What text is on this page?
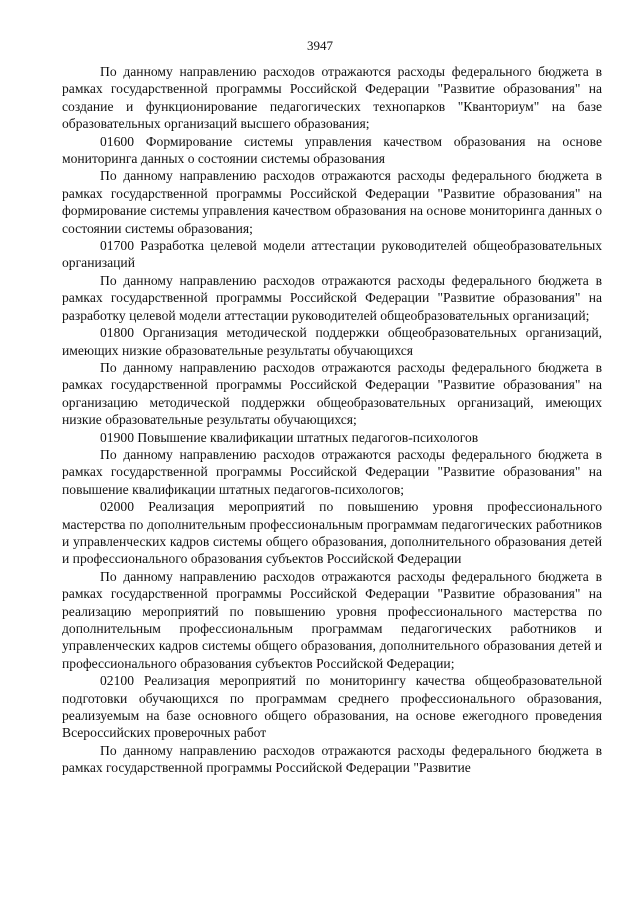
3947

По данному направлению расходов отражаются расходы федерального бюджета в рамках государственной программы Российской Федерации "Развитие образования" на создание и функционирование педагогических технопарков "Кванториум" на базе образовательных организаций высшего образования;

01600 Формирование системы управления качеством образования на основе мониторинга данных о состоянии системы образования

По данному направлению расходов отражаются расходы федерального бюджета в рамках государственной программы Российской Федерации "Развитие образования" на формирование системы управления качеством образования на основе мониторинга данных о состоянии системы образования;

01700 Разработка целевой модели аттестации руководителей общеобразовательных организаций

По данному направлению расходов отражаются расходы федерального бюджета в рамках государственной программы Российской Федерации "Развитие образования" на разработку целевой модели аттестации руководителей общеобразовательных организаций;

01800 Организация методической поддержки общеобразовательных организаций, имеющих низкие образовательные результаты обучающихся

По данному направлению расходов отражаются расходы федерального бюджета в рамках государственной программы Российской Федерации "Развитие образования" на организацию методической поддержки общеобразовательных организаций, имеющих низкие образовательные результаты обучающихся;

01900 Повышение квалификации штатных педагогов-психологов

По данному направлению расходов отражаются расходы федерального бюджета в рамках государственной программы Российской Федерации "Развитие образования" на повышение квалификации штатных педагогов-психологов;

02000 Реализация мероприятий по повышению уровня профессионального мастерства по дополнительным профессиональным программам педагогических работников и управленческих кадров системы общего образования, дополнительного образования детей и профессионального образования субъектов Российской Федерации

По данному направлению расходов отражаются расходы федерального бюджета в рамках государственной программы Российской Федерации "Развитие образования" на реализацию мероприятий по повышению уровня профессионального мастерства по дополнительным профессиональным программам педагогических работников и управленческих кадров системы общего образования, дополнительного образования детей и профессионального образования субъектов Российской Федерации;

02100 Реализация мероприятий по мониторингу качества общеобразовательной подготовки обучающихся по программам среднего профессионального образования, реализуемым на базе основного общего образования, на основе ежегодного проведения Всероссийских проверочных работ

По данному направлению расходов отражаются расходы федерального бюджета в рамках государственной программы Российской Федерации "Развитие
